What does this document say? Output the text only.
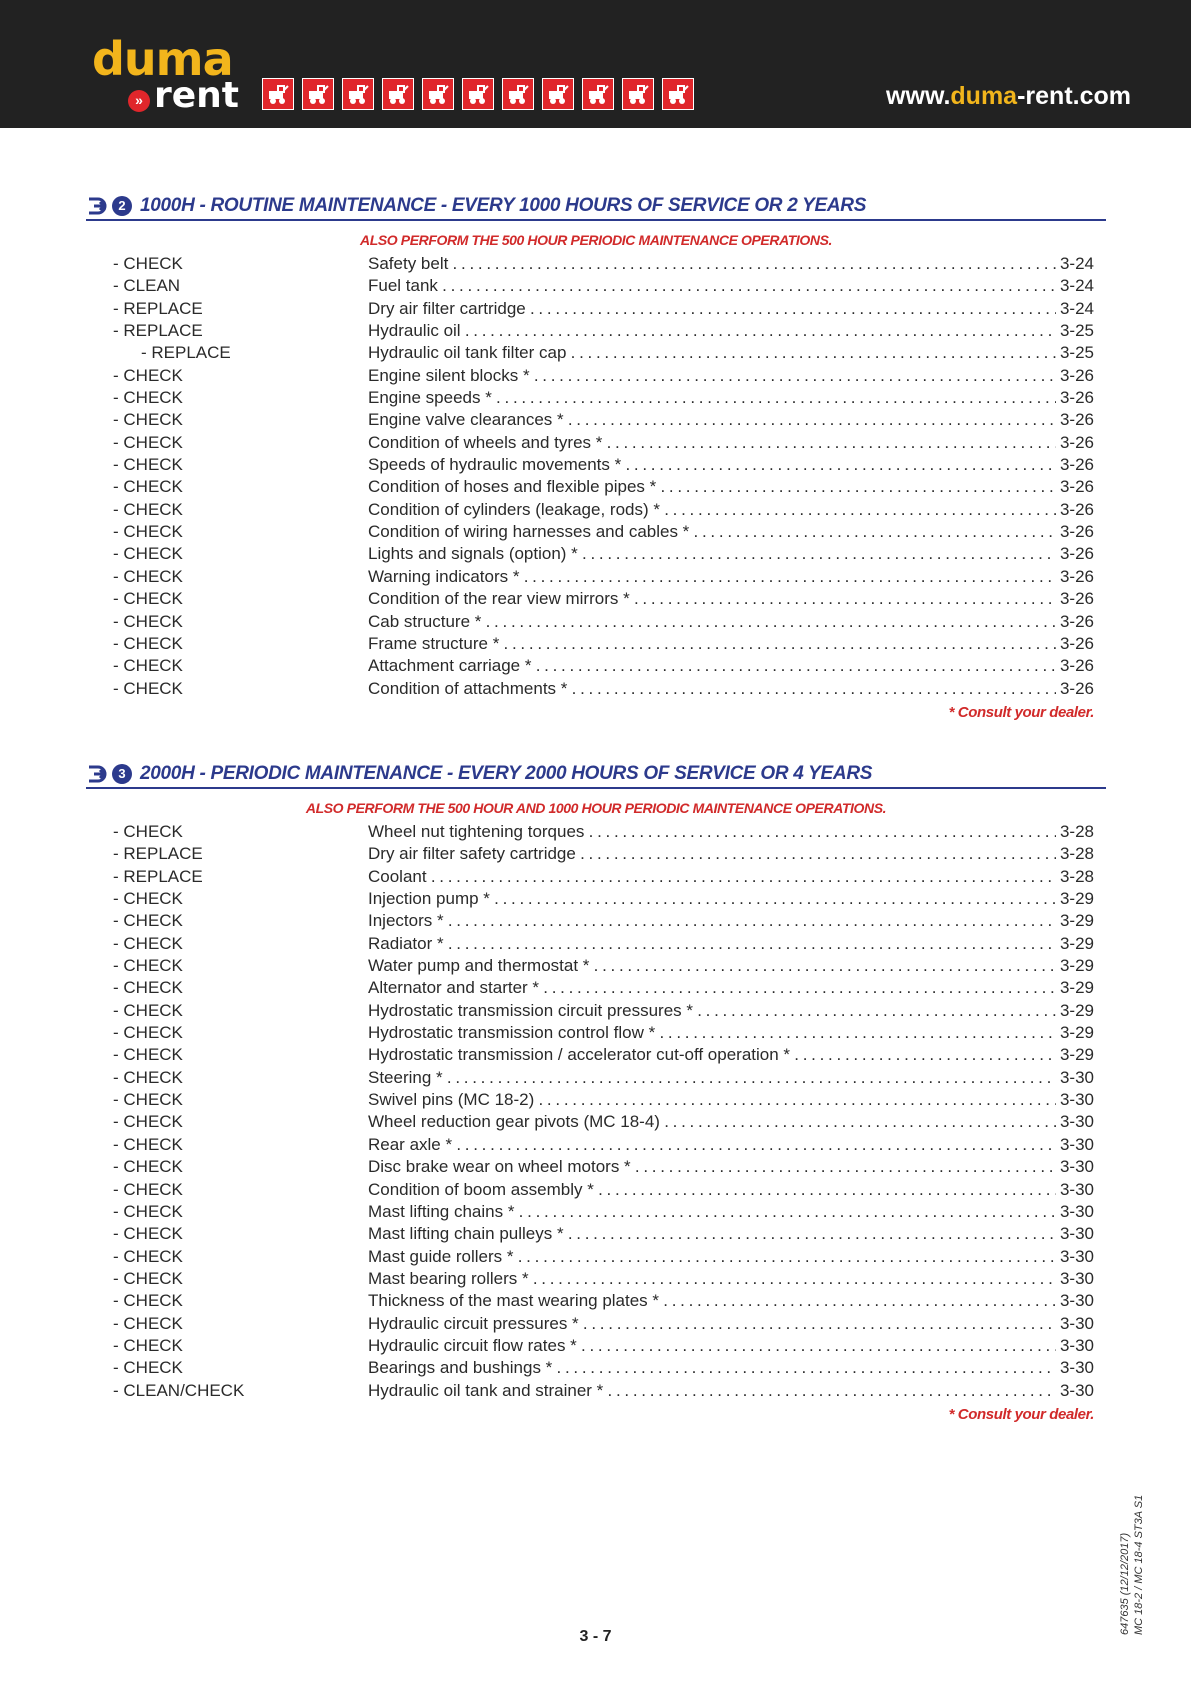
duma
rent
»	www.duma-rent.com
2 1000H - ROUTINE MAINTENANCE - EVERY 1000 HOURS OF SERVICE OR 2 YEARS
ALSO PERFORM THE 500 HOUR PERIODIC MAINTENANCE OPERATIONS.
- CHECK	Safety belt . . .	3-24
- CLEAN	Fuel tank . . .	3-24
- REPLACE	Dry air filter cartridge . . .	3-24
- REPLACE	Hydraulic oil . . .	3-25
- REPLACE	Hydraulic oil tank filter cap . . .	3-25
- CHECK	Engine silent blocks * . . .	3-26
- CHECK	Engine speeds * . . .	3-26
- CHECK	Engine valve clearances * . . .	3-26
- CHECK	Condition of wheels and tyres * . . .	3-26
- CHECK	Speeds of hydraulic movements * . . .	3-26
- CHECK	Condition of hoses and flexible pipes * . . .	3-26
- CHECK	Condition of cylinders (leakage, rods) * . . .	3-26
- CHECK	Condition of wiring harnesses and cables * . . .	3-26
- CHECK	Lights and signals (option) * . . .	3-26
- CHECK	Warning indicators * . . .	3-26
- CHECK	Condition of the rear view mirrors * . . .	3-26
- CHECK	Cab structure * . . .	3-26
- CHECK	Frame structure * . . .	3-26
- CHECK	Attachment carriage * . . .	3-26
- CHECK	Condition of attachments * . . .	3-26
* Consult your dealer.
3 2000H - PERIODIC MAINTENANCE - EVERY 2000 HOURS OF SERVICE OR 4 YEARS
ALSO PERFORM THE 500 HOUR AND 1000 HOUR PERIODIC MAINTENANCE OPERATIONS.
- CHECK	Wheel nut tightening torques . . .	3-28
- REPLACE	Dry air filter safety cartridge . . .	3-28
- REPLACE	Coolant . . .	3-28
- CHECK	Injection pump * . . .	3-29
- CHECK	Injectors * . . .	3-29
- CHECK	Radiator * . . .	3-29
- CHECK	Water pump and thermostat * . . .	3-29
- CHECK	Alternator and starter * . . .	3-29
- CHECK	Hydrostatic transmission circuit pressures * . . .	3-29
- CHECK	Hydrostatic transmission control flow * . . .	3-29
- CHECK	Hydrostatic transmission / accelerator cut-off operation * . . .	3-29
- CHECK	Steering * . . .	3-30
- CHECK	Swivel pins (MC 18-2) . . .	3-30
- CHECK	Wheel reduction gear pivots (MC 18-4) . . .	3-30
- CHECK	Rear axle * . . .	3-30
- CHECK	Disc brake wear on wheel motors * . . .	3-30
- CHECK	Condition of boom assembly * . . .	3-30
- CHECK	Mast lifting chains * . . .	3-30
- CHECK	Mast lifting chain pulleys * . . .	3-30
- CHECK	Mast guide rollers * . . .	3-30
- CHECK	Mast bearing rollers * . . .	3-30
- CHECK	Thickness of the mast wearing plates * . . .	3-30
- CHECK	Hydraulic circuit pressures * . . .	3-30
- CHECK	Hydraulic circuit flow rates * . . .	3-30
- CHECK	Bearings and bushings * . . .	3-30
- CLEAN/CHECK	Hydraulic oil tank and strainer * . . .	3-30
* Consult your dealer.
647635 (12/12/2017) MC 18-2 / MC 18-4 ST3A S1
3 - 7
